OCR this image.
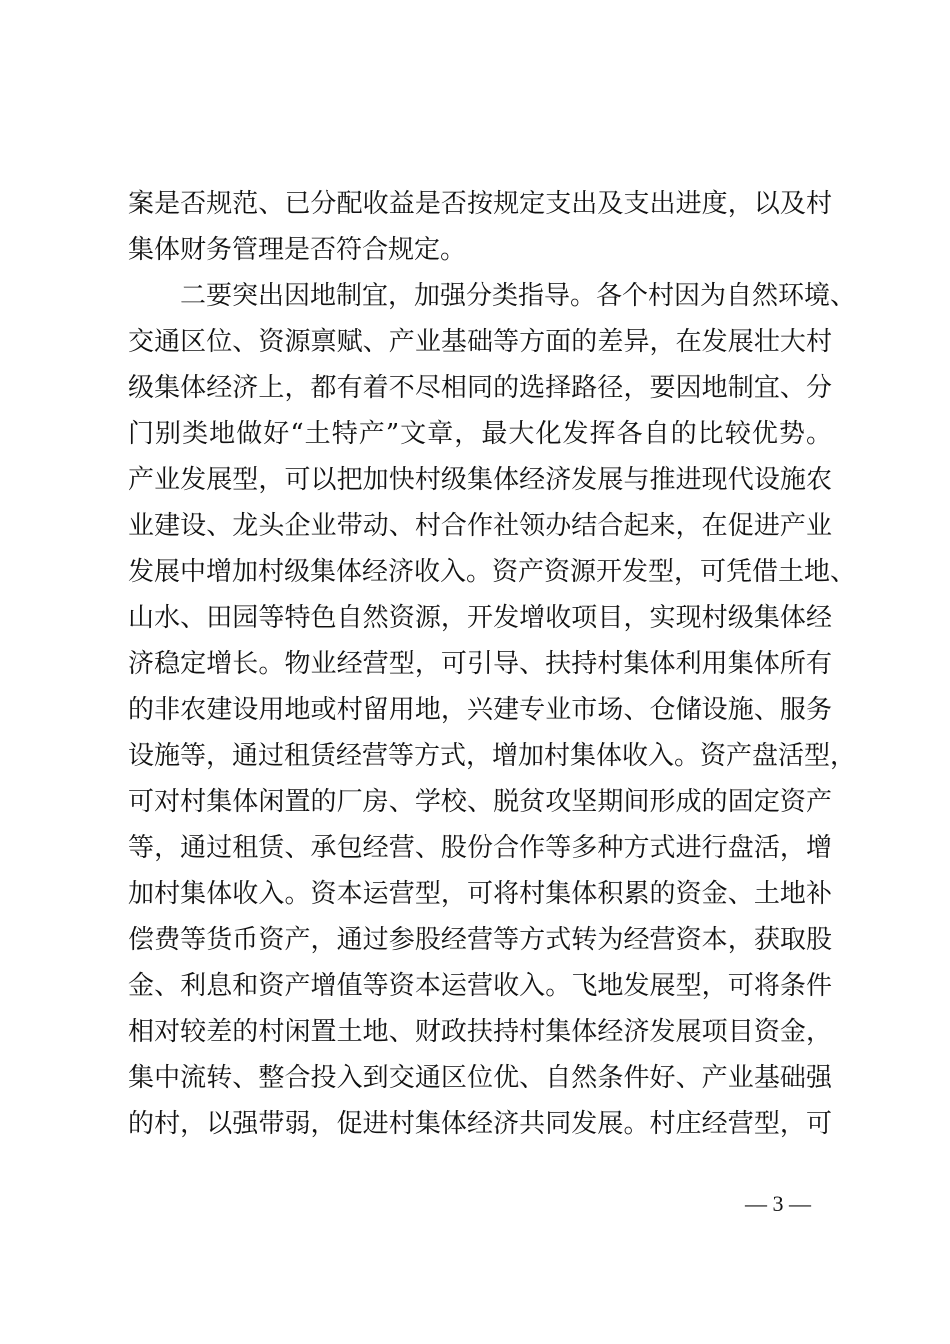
案是否规范、已分配收益是否按规定支出及支出进度，以及村
集体财务管理是否符合规定。
二要突出因地制宜，加强分类指导。各个村因为自然环境、
交通区位、资源禀赋、产业基础等方面的差异，在发展壮大村
级集体经济上，都有着不尽相同的选择路径，要因地制宜、分
门别类地做好“土特产”文章，最大化发挥各自的比较优势。
产业发展型，可以把加快村级集体经济发展与推进现代设施农
业建设、龙头企业带动、村合作社领办结合起来，在促进产业
发展中增加村级集体经济收入。资产资源开发型，可凭借土地、
山水、田园等特色自然资源，开发增收项目，实现村级集体经
济稳定增长。物业经营型，可引导、扶持村集体利用集体所有
的非农建设用地或村留用地，兴建专业市场、仓储设施、服务
设施等，通过租赁经营等方式，增加村集体收入。资产盘活型，
可对村集体闲置的厂房、学校、脱贫攻坚期间形成的固定资产
等，通过租赁、承包经营、股份合作等多种方式进行盘活，增
加村集体收入。资本运营型，可将村集体积累的资金、土地补
偿费等货币资产，通过参股经营等方式转为经营资本，获取股
金、利息和资产增值等资本运营收入。飞地发展型，可将条件
相对较差的村闲置土地、财政扶持村集体经济发展项目资金，
集中流转、整合投入到交通区位优、自然条件好、产业基础强
的村，以强带弱，促进村集体经济共同发展。村庄经营型，可
— 3 —
